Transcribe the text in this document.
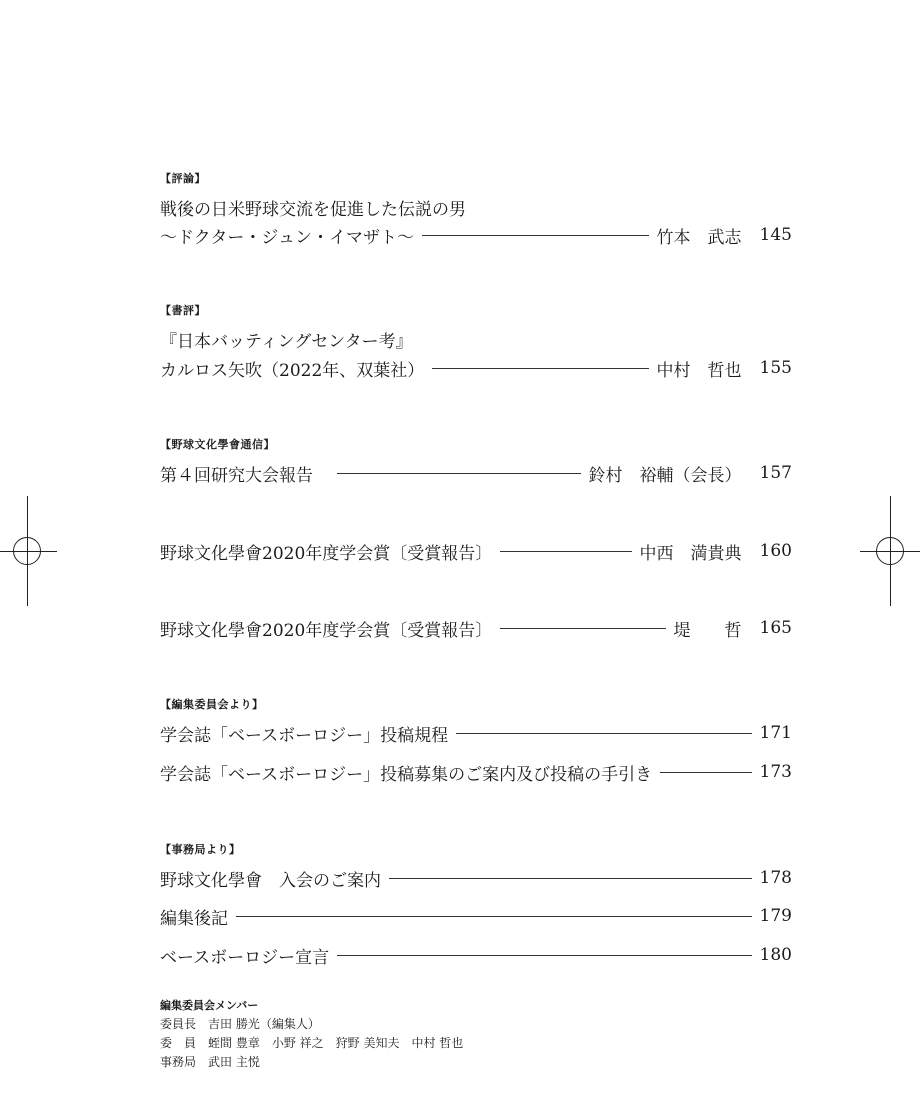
【評論】
戦後の日米野球交流を促進した伝説の男
～ドクター・ジュン・イマザト～	竹本　武志 145
【書評】
『日本バッティングセンター考』
カルロス矢吹（2022年、双葉社）	中村　哲也 155
【野球文化學會通信】
第４回研究大会報告	鈴村　裕輔（会長） 157
野球文化學會2020年度学会賞〔受賞報告〕	中西　満貴典 160
野球文化學會2020年度学会賞〔受賞報告〕	堤　　哲 165
【編集委員会より】
学会誌「ベースボーロジー」投稿規程	171
学会誌「ベースボーロジー」投稿募集のご案内及び投稿の手引き	173
【事務局より】
野球文化學會　入会のご案内	178
編集後記	179
ベースボーロジー宣言	180
編集委員会メンバー
委員長　吉田 勝光（編集人）
委　員　蛭間 豊章　小野 祥之　狩野 美知夫　中村 哲也
事務局　武田 主悦
